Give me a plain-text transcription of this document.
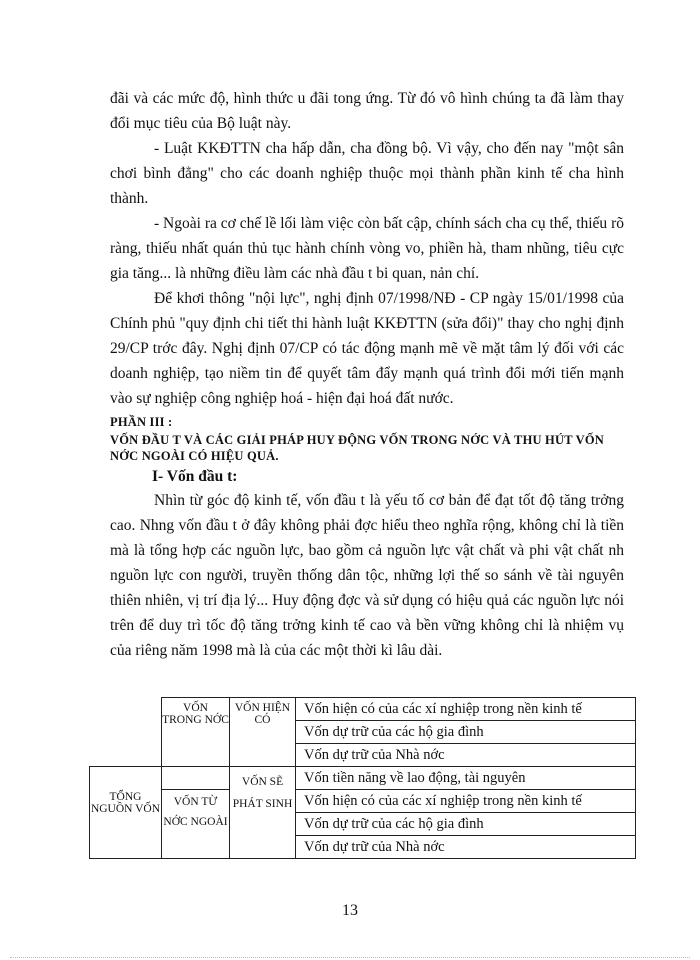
đãi và các mức độ, hình thức u đãi tong ứng. Từ đó vô hình chúng ta đã làm thay đổi mục tiêu của Bộ luật này.

- Luật KKĐTTN cha hấp dẫn, cha đồng bộ. Vì vậy, cho đến nay "một sân chơi bình đẳng" cho các doanh nghiệp thuộc mọi thành phần kinh tế cha hình thành.

- Ngoài ra cơ chế lề lối làm việc còn bất cập, chính sách cha cụ thể, thiếu rõ ràng, thiếu nhất quán thủ tục hành chính vòng vo, phiền hà, tham nhũng, tiêu cực gia tăng... là những điều làm các nhà đầu t bi quan, nản chí.

Để khơi thông "nội lực", nghị định 07/1998/NĐ - CP ngày 15/01/1998 của Chính phủ "quy định chi tiết thi hành luật KKĐTTN (sửa đổi)" thay cho nghị định 29/CP trớc đây. Nghị định 07/CP có tác động mạnh mẽ về mặt tâm lý đối với các doanh nghiệp, tạo niềm tin để quyết tâm đẩy mạnh quá trình đổi mới tiến mạnh vào sự nghiệp công nghiệp hoá - hiện đại hoá đất nước.

PHẦN III :
VỐN ĐẦU T VÀ CÁC GIẢI PHÁP HUY ĐỘNG VỐN TRONG NỚC VÀ THU HÚT VỐN NỚC NGOÀI CÓ HIỆU QUẢ.
I- Vốn đầu t:

Nhìn từ góc độ kinh tế, vốn đầu t là yếu tố cơ bản để đạt tốt độ tăng trởng cao. Nhng vốn đầu t ở đây không phải đợc hiểu theo nghĩa rộng, không chỉ là tiền mà là tổng hợp các nguồn lực, bao gồm cả nguồn lực vật chất và phi vật chất nh nguồn lực con người, truyền thống dân tộc, những lợi thế so sánh về tài nguyên thiên nhiên, vị trí địa lý... Huy động đợc và sử dụng có hiệu quả các nguồn lực nói trên để duy trì tốc độ tăng trởng kinh tế cao và bền vững không chỉ là nhiệm vụ của riêng năm 1998 mà là của các một thời kì lâu dài.

	VỐN TRONG NỚC	VỐN HIỆN CÓ	Vốn hiện có của các xí nghiệp trong nền kinh tế
			Vốn dự trữ của các hộ gia đình
			Vốn dự trữ của Nhà nớc
TỔNG NGUỒN VỐN		VỐN SẼ PHÁT SINH	Vốn tiền năng về lao động, tài nguyên
	VỐN TỪ NỚC NGOÀI		Vốn hiện có của các xí nghiệp trong nền kinh tế
			Vốn dự trữ của các hộ gia đình
			Vốn dự trữ của Nhà nớc
13
